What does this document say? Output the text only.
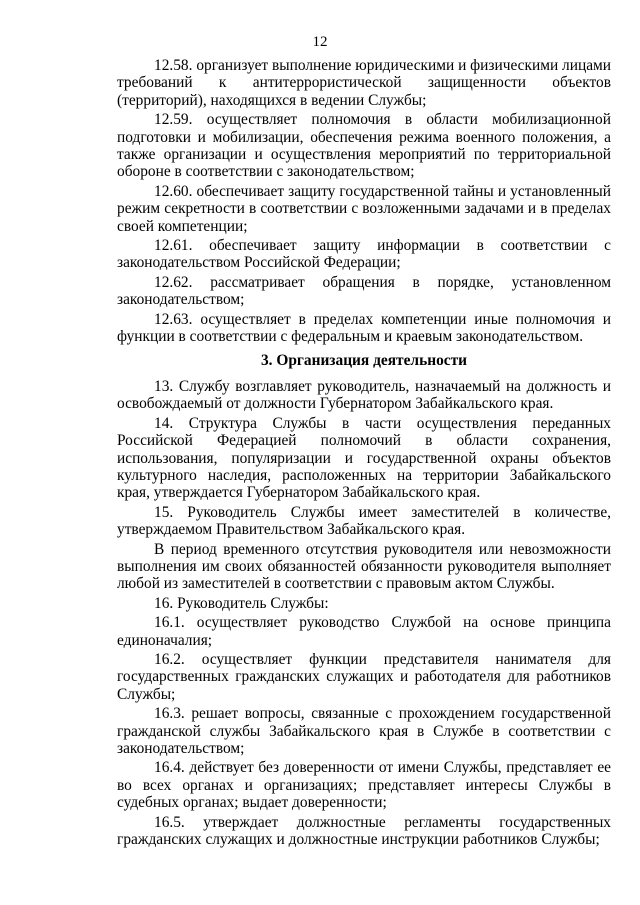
12

12.58. организует выполнение юридическими и физическими лицами требований к антитеррористической защищенности объектов (территорий), находящихся в ведении Службы;

12.59. осуществляет полномочия в области мобилизационной подготовки и мобилизации, обеспечения режима военного положения, а также организации и осуществления мероприятий по территориальной обороне в соответствии с законодательством;

12.60. обеспечивает защиту государственной тайны и установленный режим секретности в соответствии с возложенными задачами и в пределах своей компетенции;

12.61. обеспечивает защиту информации в соответствии с законодательством Российской Федерации;

12.62. рассматривает обращения в порядке, установленном законодательством;

12.63. осуществляет в пределах компетенции иные полномочия и функции в соответствии с федеральным и краевым законодательством.

3. Организация деятельности

13. Службу возглавляет руководитель, назначаемый на должность и освобождаемый от должности Губернатором Забайкальского края.

14. Структура Службы в части осуществления переданных Российской Федерацией полномочий в области сохранения, использования, популяризации и государственной охраны объектов культурного наследия, расположенных на территории Забайкальского края, утверждается Губернатором Забайкальского края.

15. Руководитель Службы имеет заместителей в количестве, утверждаемом Правительством Забайкальского края.

В период временного отсутствия руководителя или невозможности выполнения им своих обязанностей обязанности руководителя выполняет любой из заместителей в соответствии с правовым актом Службы.

16. Руководитель Службы:

16.1. осуществляет руководство Службой на основе принципа единоначалия;

16.2. осуществляет функции представителя нанимателя для государственных гражданских служащих и работодателя для работников Службы;

16.3. решает вопросы, связанные с прохождением государственной гражданской службы Забайкальского края в Службе в соответствии с законодательством;

16.4. действует без доверенности от имени Службы, представляет ее во всех органах и организациях; представляет интересы Службы в судебных органах; выдает доверенности;

16.5. утверждает должностные регламенты государственных гражданских служащих и должностные инструкции работников Службы;
